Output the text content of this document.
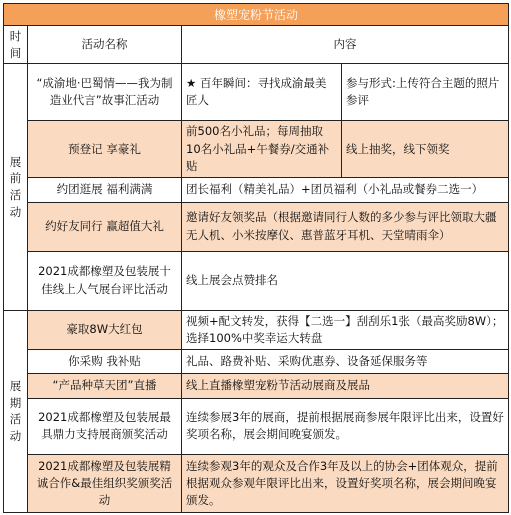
橡塑宠粉节活动			

时间	活动名称	内容	

展前活动	“成渝地·巴蜀情——我为制造业代言”故事汇活动	★ 百年瞬间：寻找成渝最美匠人	参与形式:上传符合主题的照片参评
	预登记 享豪礼	前500名小礼品；每周抽取10名小礼品+午餐券/交通补贴	线上抽奖，线下领奖
	约团逛展 福利满满	团长福利（精美礼品）+团员福利（小礼品或餐券二选一）	
	约好友同行 赢超值大礼	邀请好友领奖品（根据邀请同行人数的多少参与评比领取大疆无人机、小米按摩仪、惠普蓝牙耳机、天堂晴雨伞）	
	2021成都橡塑及包装展十佳线上人气展台评比活动	线上展会点赞排名	

展期活动	豪取8W大红包	视频+配文转发，获得【二选一】刮刮乐1张（最高奖励8W）；选择100%中奖幸运大转盘	
	你采购 我补贴	礼品、路费补贴、采购优惠券、设备延保服务等	
	“产品种草天团”直播	线上直播橡塑宠粉节活动展商及展品	
	2021成都橡塑及包装展最具鼎力支持展商颁奖活动	连续参展3年的展商，提前根据展商参展年限评比出来，设置好奖项名称，展会期间晚宴颁发。	
	2021成都橡塑及包装展精诚合作&最佳组织奖颁奖活动	连续参观3年的观众及合作3年及以上的协会+团体观众，提前根据观众参观年限评比出来，设置好奖项名称，展会期间晚宴颁发。	
